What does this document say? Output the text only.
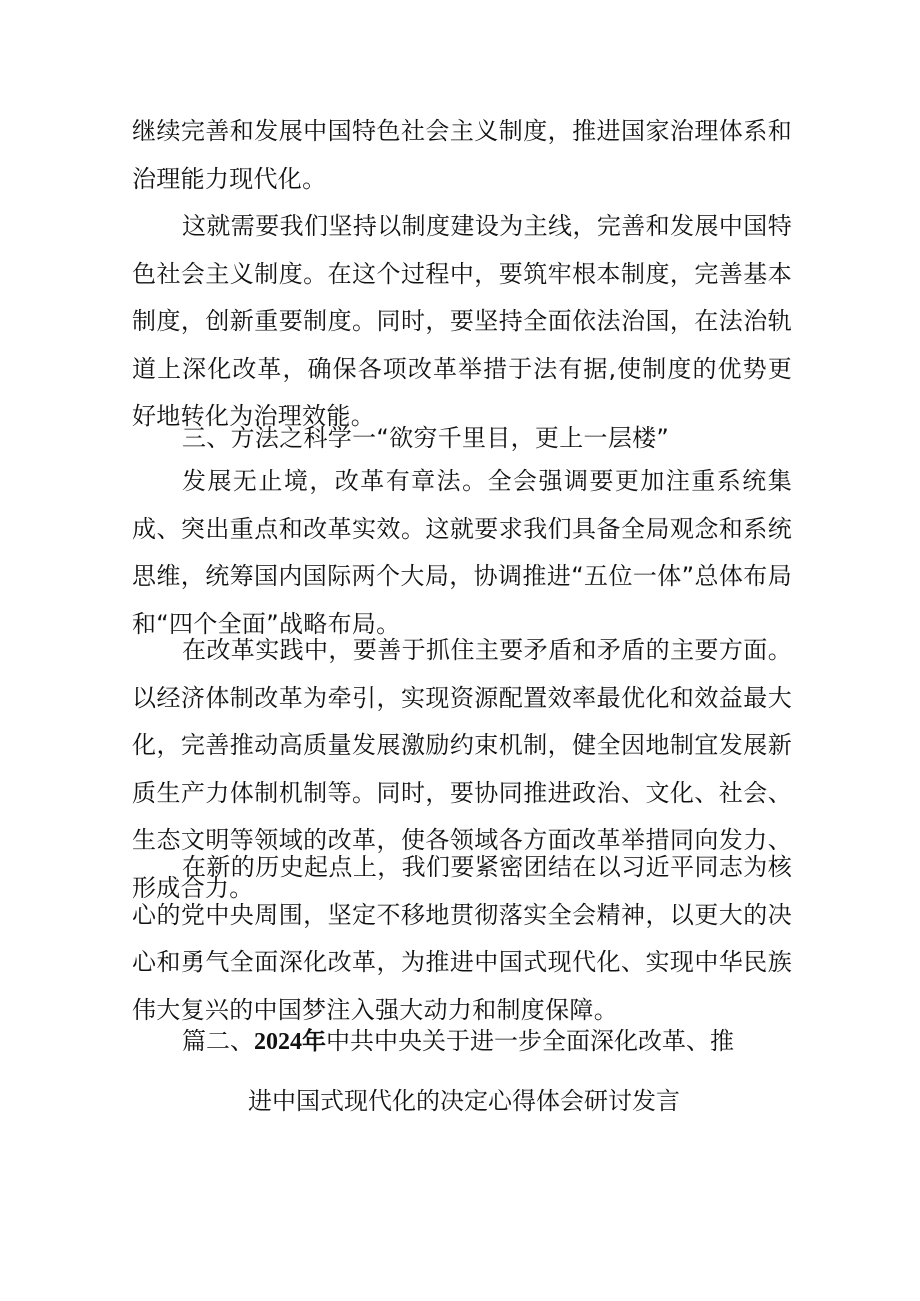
继续完善和发展中国特色社会主义制度，推进国家治理体系和治理能力现代化。

这就需要我们坚持以制度建设为主线，完善和发展中国特色社会主义制度。在这个过程中，要筑牢根本制度，完善基本制度，创新重要制度。同时，要坚持全面依法治国，在法治轨道上深化改革，确保各项改革举措于法有据,使制度的优势更好地转化为治理效能。

三、方法之科学一“欲穷千里目，更上一层楼”

发展无止境，改革有章法。全会强调要更加注重系统集成、突出重点和改革实效。这就要求我们具备全局观念和系统思维，统筹国内国际两个大局，协调推进“五位一体”总体布局和“四个全面”战略布局。

在改革实践中，要善于抓住主要矛盾和矛盾的主要方面。以经济体制改革为牵引，实现资源配置效率最优化和效益最大化，完善推动高质量发展激励约束机制，健全因地制宜发展新质生产力体制机制等。同时，要协同推进政治、文化、社会、生态文明等领域的改革，使各领域各方面改革举措同向发力、形成合力。

在新的历史起点上，我们要紧密团结在以习近平同志为核心的党中央周围，坚定不移地贯彻落实全会精神，以更大的决心和勇气全面深化改革，为推进中国式现代化、实现中华民族伟大复兴的中国梦注入强大动力和制度保障。

篇二、2024年中共中央关于进一步全面深化改革、推

进中国式现代化的决定心得体会研讨发言
